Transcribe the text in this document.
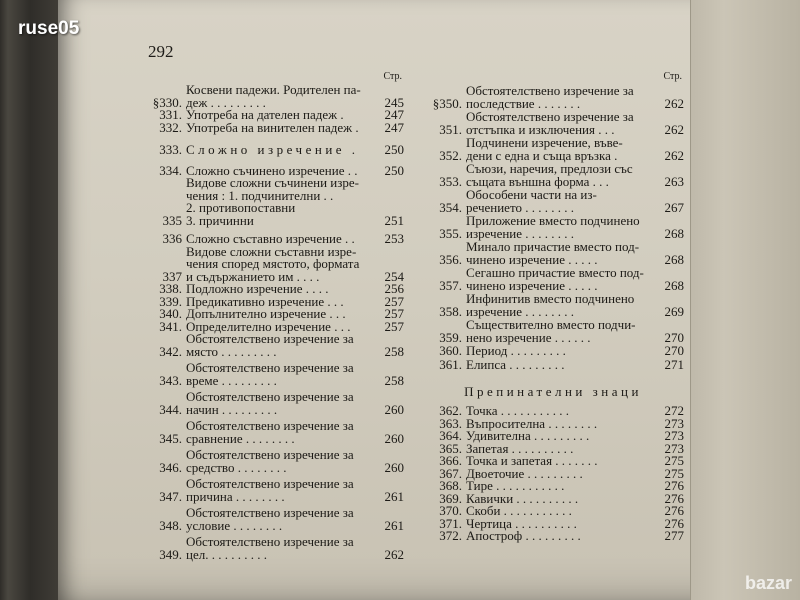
ruse05
bazar
292
Стр.
§330.
Косвени падежи. Родителен па-
деж . . . . . . . . .	245
331. Употреба на дателен падеж .	247
332. Употреба на винителен падеж .	247
333. Сложно изречение .	250
334. Сложно съчинено изречение . .	250
335
Видове сложни съчинени изре-
чения : 1. подчинителни . .
2. противопоставни
3. причинни	251
336 Сложно съставно изречение . .	253
337
Видове сложни съставни изре-
чения според мястото, формата
и съдържанието им . . . .	254
338. Подложно изречение . . . .	256
339. Предикативно изречение . . .	257
340. Допълнително изречение . . .	257
341. Определително изречение . . .	257
342.
Обстоятелствено изречение за
място . . . . . . . . .	258
343.
Обстоятелствено изречение за
време . . . . . . . . .	258
344.
Обстоятелствено изречение за
начин . . . . . . . . .	260
345.
Обстоятелствено изречение за
сравнение . . . . . . . .	260
346.
Обстоятелствено изречение за
средство . . . . . . . .	260
347.
Обстоятелствено изречение за
причина . . . . . . . .	261
348.
Обстоятелствено изречение за
условие . . . . . . . .	261
349.
Обстоятелствено изречение за
цел. . . . . . . . . .	262
Стр.
§350.
Обстоятелствено изречение за
последствие . . . . . . .	262
351.
Обстоятелствено изречение за
отстъпка и изключения . . .	262
352.
Подчинени изречение, въве-
дени с една и съща връзка .	262
353.
Съюзи, наречия, предлози със
същата външна форма . . .	263
354.
Обособени части на из-
речението . . . . . . . .	267
355.
Приложение вместо подчинено
изречение . . . . . . . .	268
356.
Минало причастие вместо под-
чинено изречение . . . . .	268
357.
Сегашно причастие вместо под-
чинено изречение . . . . .	268
358.
Инфинитив вместо подчинено
изречение . . . . . . . .	269
359.
Съществително вместо подчи-
нено изречение . . . . . .	270
360. Период . . . . . . . . .	270
361. Елипса . . . . . . . . .	271
Препинателни знаци
362. Точка . . . . . . . . . . .	272
363. Въпросителна . . . . . . . .	273
364. Удивителна . . . . . . . . .	273
365. Запетая . . . . . . . . . .	273
366. Точка и запетая . . . . . . .	275
367. Двоеточие . . . . . . . . .	275
368. Тире . . . . . . . . . . .	276
369. Кавички . . . . . . . . . .	276
370. Скоби . . . . . . . . . . .	276
371. Чертица . . . . . . . . . .	276
372. Апостроф . . . . . . . . .	277
